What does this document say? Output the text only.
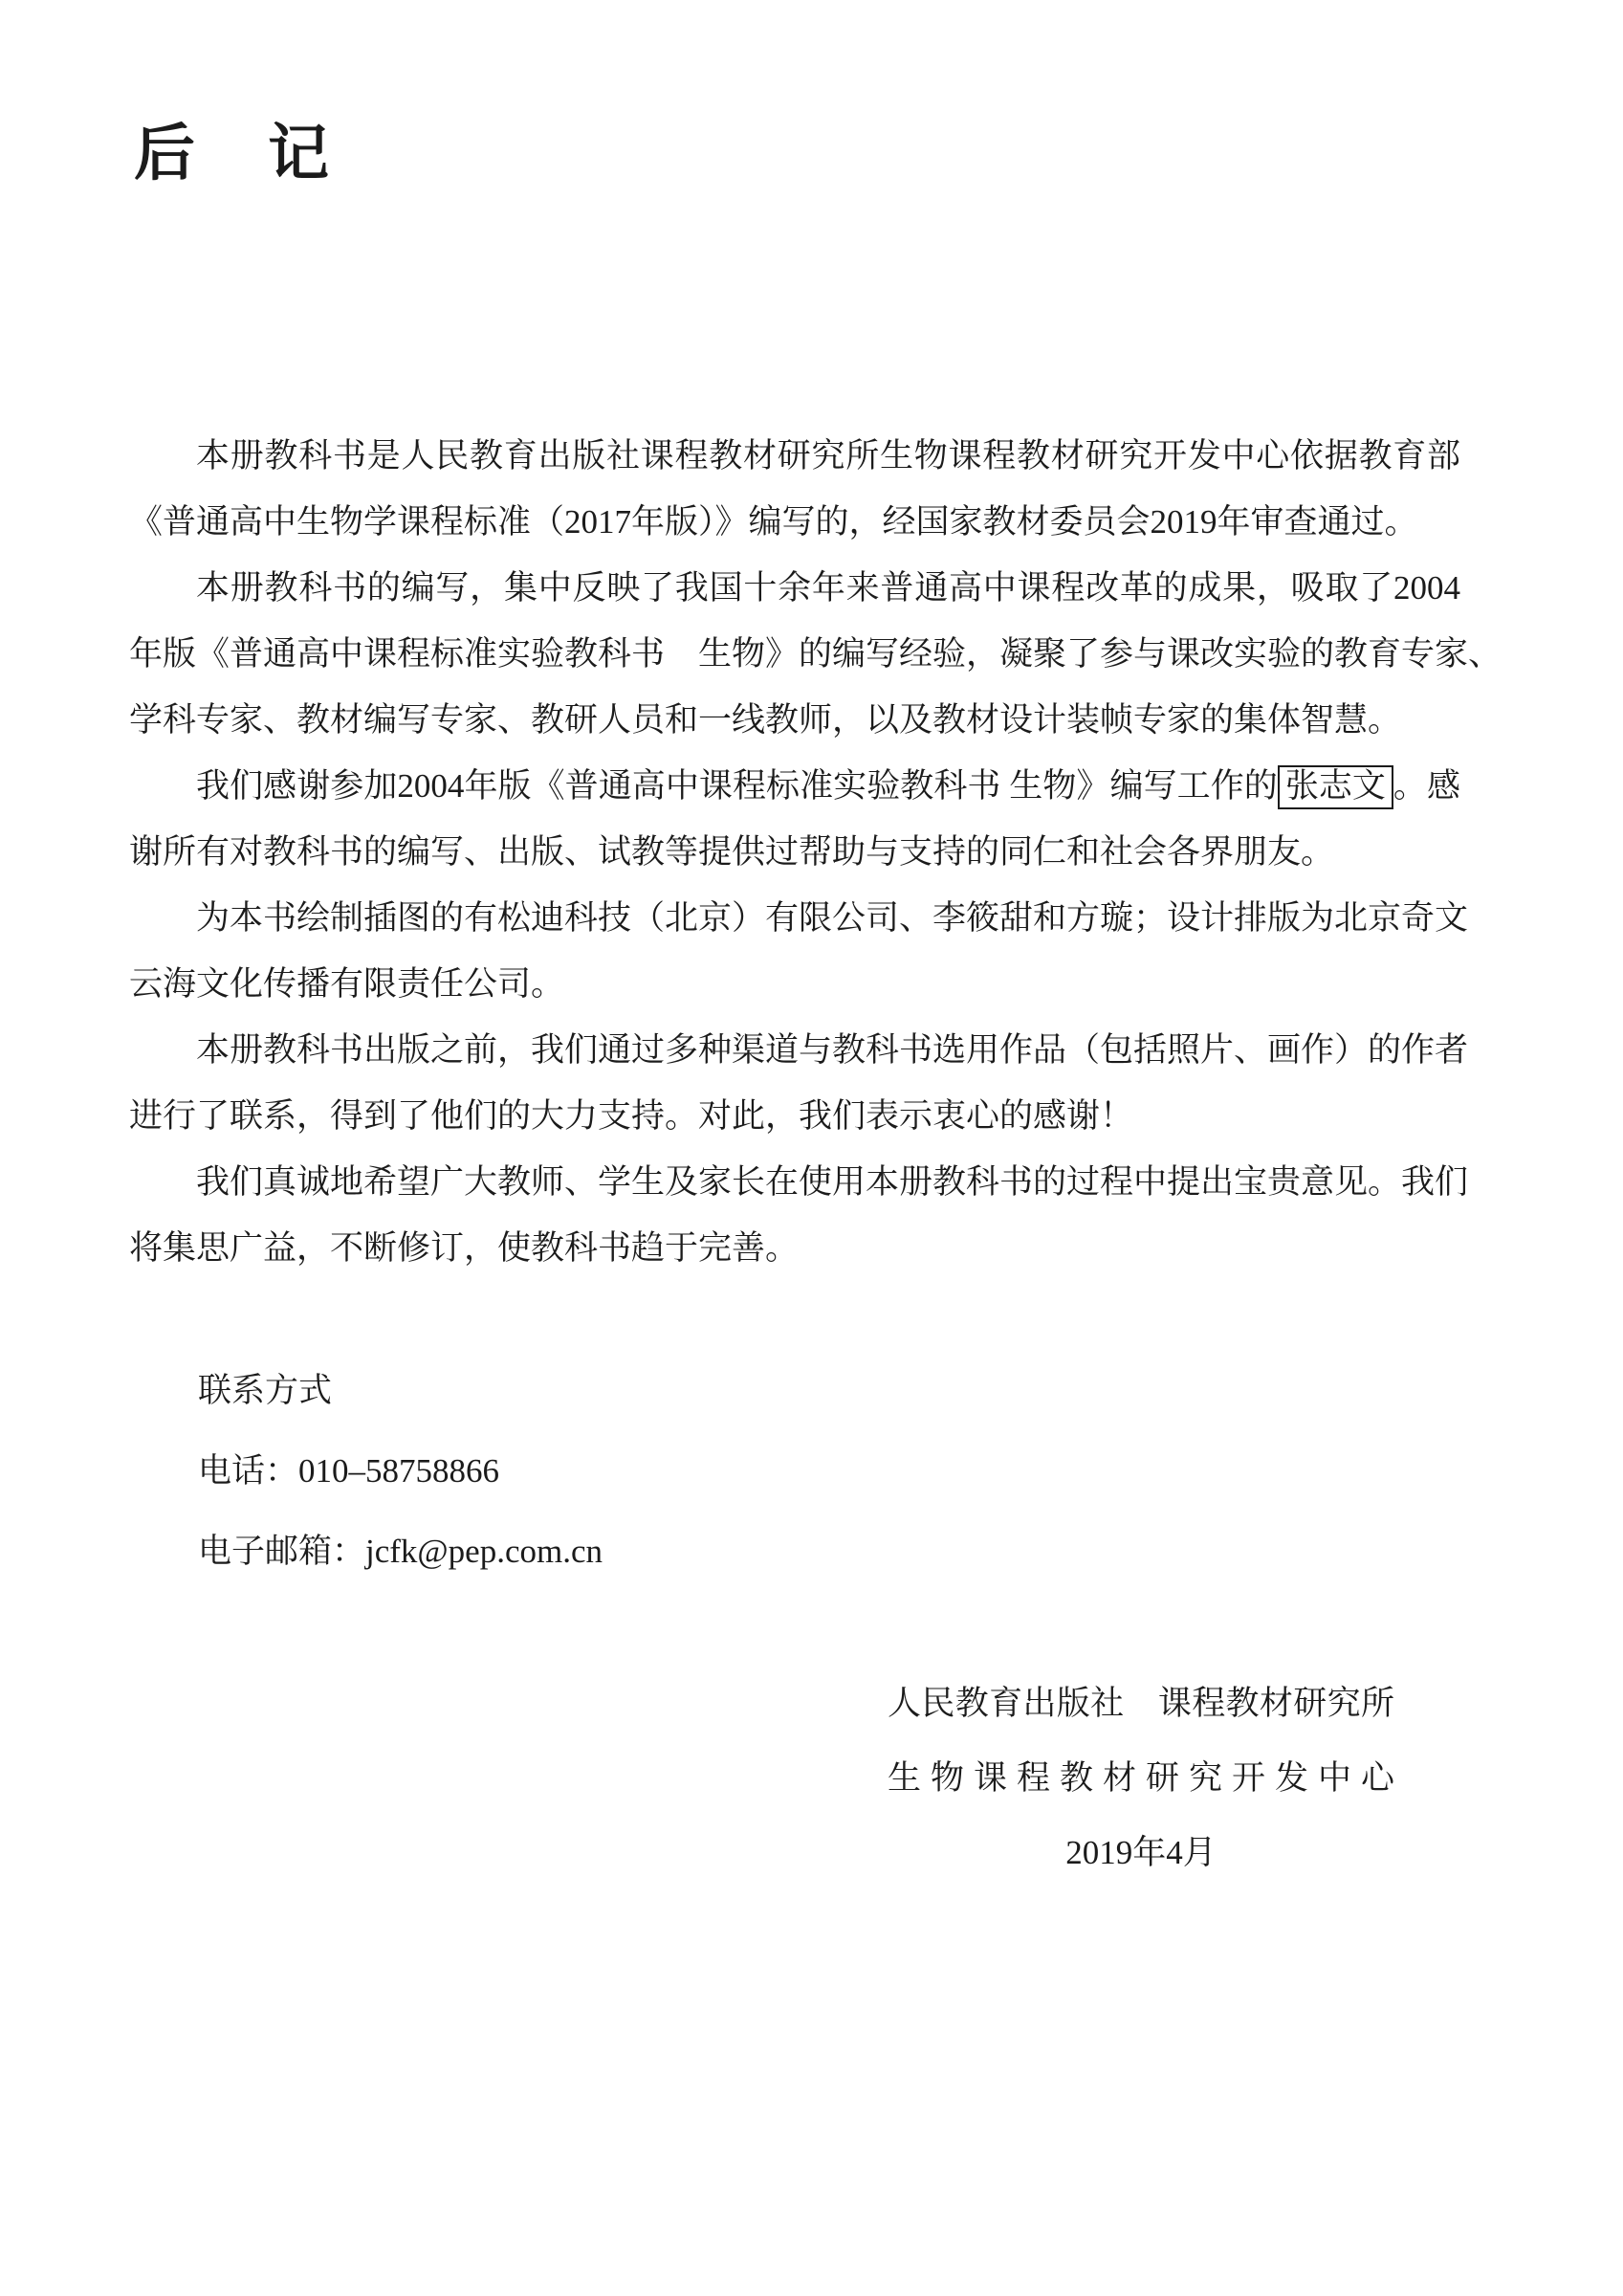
后　记
本册教科书是人民教育出版社课程教材研究所生物课程教材研究开发中心依据教育部
《普通高中生物学课程标准（2017年版）》编写的，经国家教材委员会2019年审查通过。
本册教科书的编写，集中反映了我国十余年来普通高中课程改革的成果，吸取了2004
年版《普通高中课程标准实验教科书　生物》的编写经验，凝聚了参与课改实验的教育专家、
学科专家、教材编写专家、教研人员和一线教师，以及教材设计装帧专家的集体智慧。
我们感谢参加2004年版《普通高中课程标准实验教科书 生物》编写工作的 张志文 。感
谢所有对教科书的编写、出版、试教等提供过帮助与支持的同仁和社会各界朋友。
为本书绘制插图的有松迪科技（北京）有限公司、李筱甜和方璇；设计排版为北京奇文
云海文化传播有限责任公司。
本册教科书出版之前，我们通过多种渠道与教科书选用作品（包括照片、画作）的作者
进行了联系，得到了他们的大力支持。对此，我们表示衷心的感谢！
我们真诚地希望广大教师、学生及家长在使用本册教科书的过程中提出宝贵意见。我们
将集思广益，不断修订，使教科书趋于完善。
联系方式
电话：010–58758866
电子邮箱：jcfk@pep.com.cn
人民教育出版社　课程教材研究所
生物课程教材研究开发中心
2019年4月
